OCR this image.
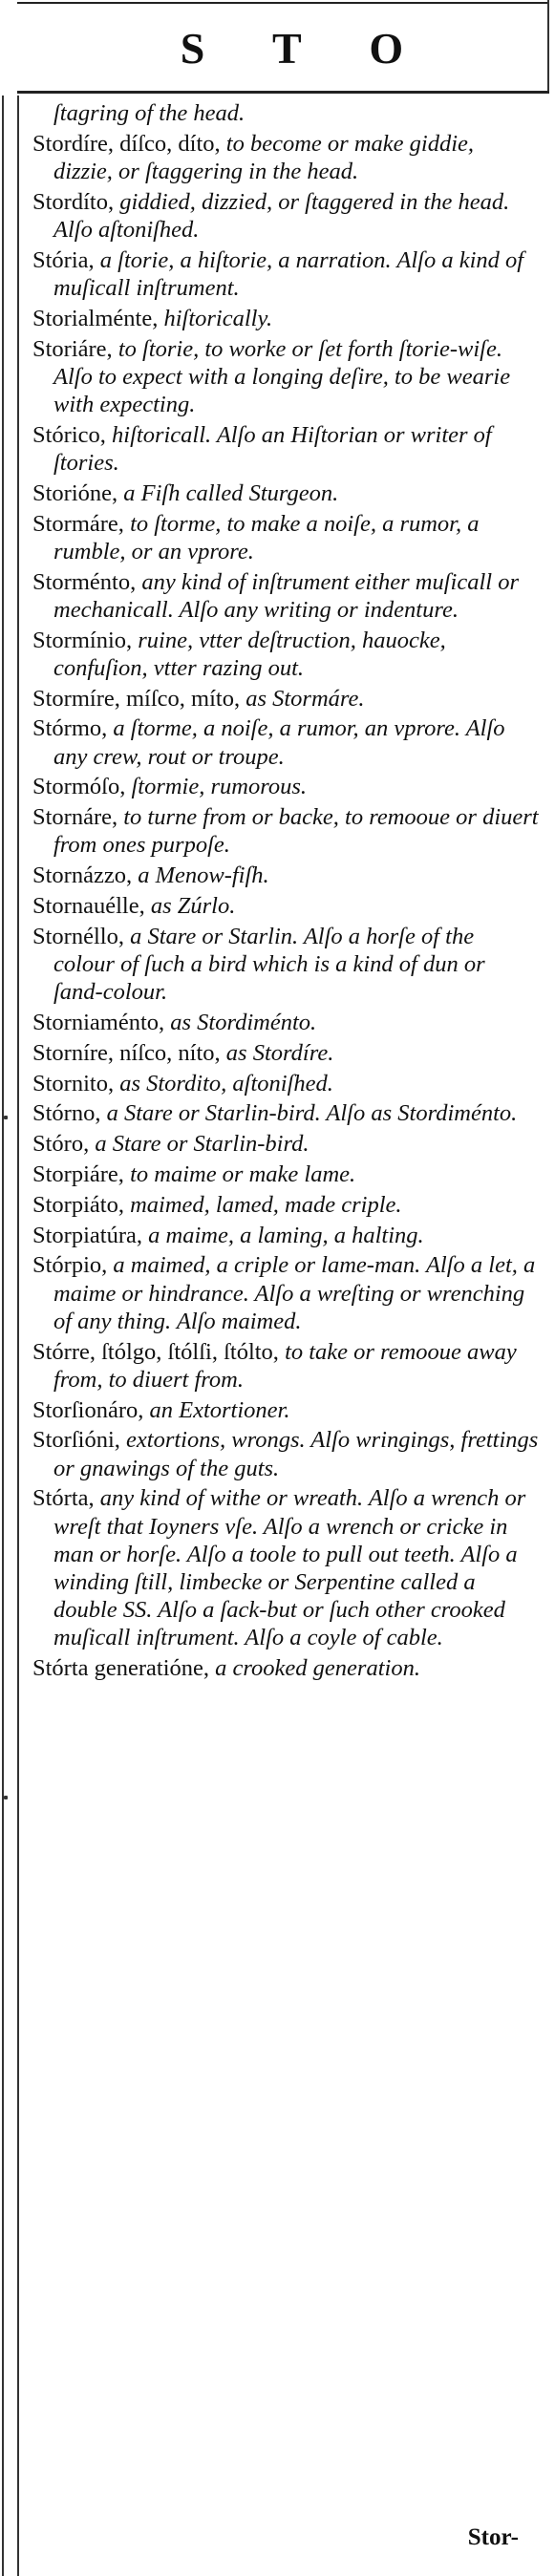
S T O

ſtagring of the head.

Stordíre, díſco, díto, to become or make giddie, dizzie, or ſtaggering in the head.

Stordíto, giddied, dizzied, or ſtaggered in the head. Alſo aſtoniſhed.

Stória, a ſtorie, a hiſtorie, a narration. Alſo a kind of muſicall inſtrument.

Storialménte, hiſtorically.

Storiáre, to ſtorie, to worke or ſet forth ſtorie-wiſe. Alſo to expect with a longing deſire, to be wearie with expecting.

Stórico, hiſtoricall. Alſo an Hiſtorian or writer of ſtories.

Storióne, a Fiſh called Sturgeon.

Stormáre, to ſtorme, to make a noiſe, a rumor, a rumble, or an vprore.

Storménto, any kind of inſtrument either muſicall or mechanicall. Alſo any writing or indenture.

Stormínio, ruine, vtter deſtruction, hauocke, confuſion, vtter razing out.

Stormíre, míſco, míto, as Stormáre.

Stórmo, a ſtorme, a noiſe, a rumor, an vprore. Alſo any crew, rout or troupe.

Stormóſo, ſtormie, rumorous.

Stornáre, to turne from or backe, to remooue or diuert from ones purpoſe.

Stornázzo, a Menow-fiſh.

Stornauélle, as Zúrlo.

Stornéllo, a Stare or Starlin. Alſo a horſe of the colour of ſuch a bird which is a kind of dun or ſand-colour.

Storniaménto, as Stordiménto.

Storníre, níſco, níto, as Stordíre.

Stornito, as Stordito, aſtoniſhed.

Stórno, a Stare or Starlin-bird. Alſo as Stordiménto.

Stóro, a Stare or Starlin-bird.

Storpiáre, to maime or make lame.

Storpiáto, maimed, lamed, made criple.

Storpiatúra, a maime, a laming, a halting.

Stórpio, a maimed, a criple or lame-man. Alſo a let, a maime or hindrance. Alſo a wreſting or wrenching of any thing. Alſo maimed.

Stórre, ſtólgo, ſtólſi, ſtólto, to take or remooue away from, to diuert from.

Storſionáro, an Extortioner.

Storſióni, extortions, wrongs. Alſo wringings, frettings or gnawings of the guts.

Stórta, any kind of withe or wreath. Alſo a wrench or wreſt that Ioyners vſe. Alſo a wrench or cricke in man or horſe. Alſo a toole to pull out teeth. Alſo a winding ſtill, limbecke or Serpentine called a double SS. Alſo a ſack-but or ſuch other crooked muſicall inſtrument. Alſo a coyle of cable.

Stórta generatióne, a crooked generation.

Stor-
